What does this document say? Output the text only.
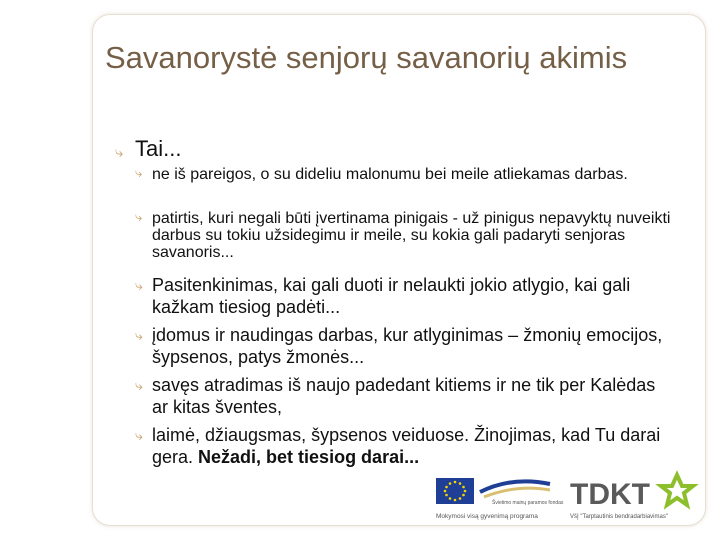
Savanorystė senjorų savanorių akimis
⤷ Tai...
⤷ ne iš pareigos, o su dideliu malonumu bei meile atliekamas darbas.
⤷ patirtis, kuri negali būti įvertinama pinigais - už pinigus nepavyktų nuveikti darbus su tokiu užsidegimu ir meile, su kokia gali padaryti senjoras savanoris...
⤷ Pasitenkinimas, kai gali duoti ir nelaukti jokio atlygio, kai gali kažkam tiesiog padėti...
⤷ įdomus ir naudingas darbas, kur atlyginimas – žmonių emocijos, šypsenos, patys žmonės...
⤷ savęs atradimas iš naujo padedant kitiems ir ne tik per Kalėdas ar kitas šventes,
⤷ laimė, džiaugsmas, šypsenos veiduose. Žinojimas, kad Tu darai gera. Nežadi, bet tiesiog darai...
Švietimo mainų paramos fondas
Mokymosi visą gyvenimą programa
TDKT
VšĮ "Tarptautinis bendradarbiavimas"
